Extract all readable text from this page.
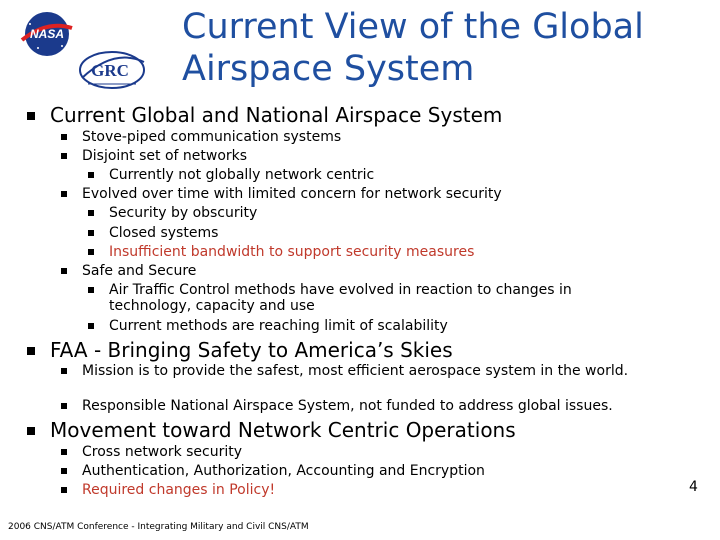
NASA
GRC
Current View of the Global Airspace System
Current Global and National Airspace System
Stove-piped communication systems
Disjoint set of networks
Currently not globally network centric
Evolved over time with limited concern for network security
Security by obscurity
Closed systems
Insufficient bandwidth to support security measures
Safe and Secure
Air Traffic Control methods have evolved in reaction to changes in technology, capacity and use
Current methods are reaching limit of scalability
FAA - Bringing Safety to America’s Skies
Mission is to provide the safest, most efficient aerospace system in the world.
Responsible National Airspace System, not funded to address global issues.
Movement toward Network Centric Operations
Cross network security
Authentication, Authorization, Accounting and Encryption
Required changes in Policy!	4
2006 CNS/ATM Conference - Integrating Military and Civil CNS/ATM
